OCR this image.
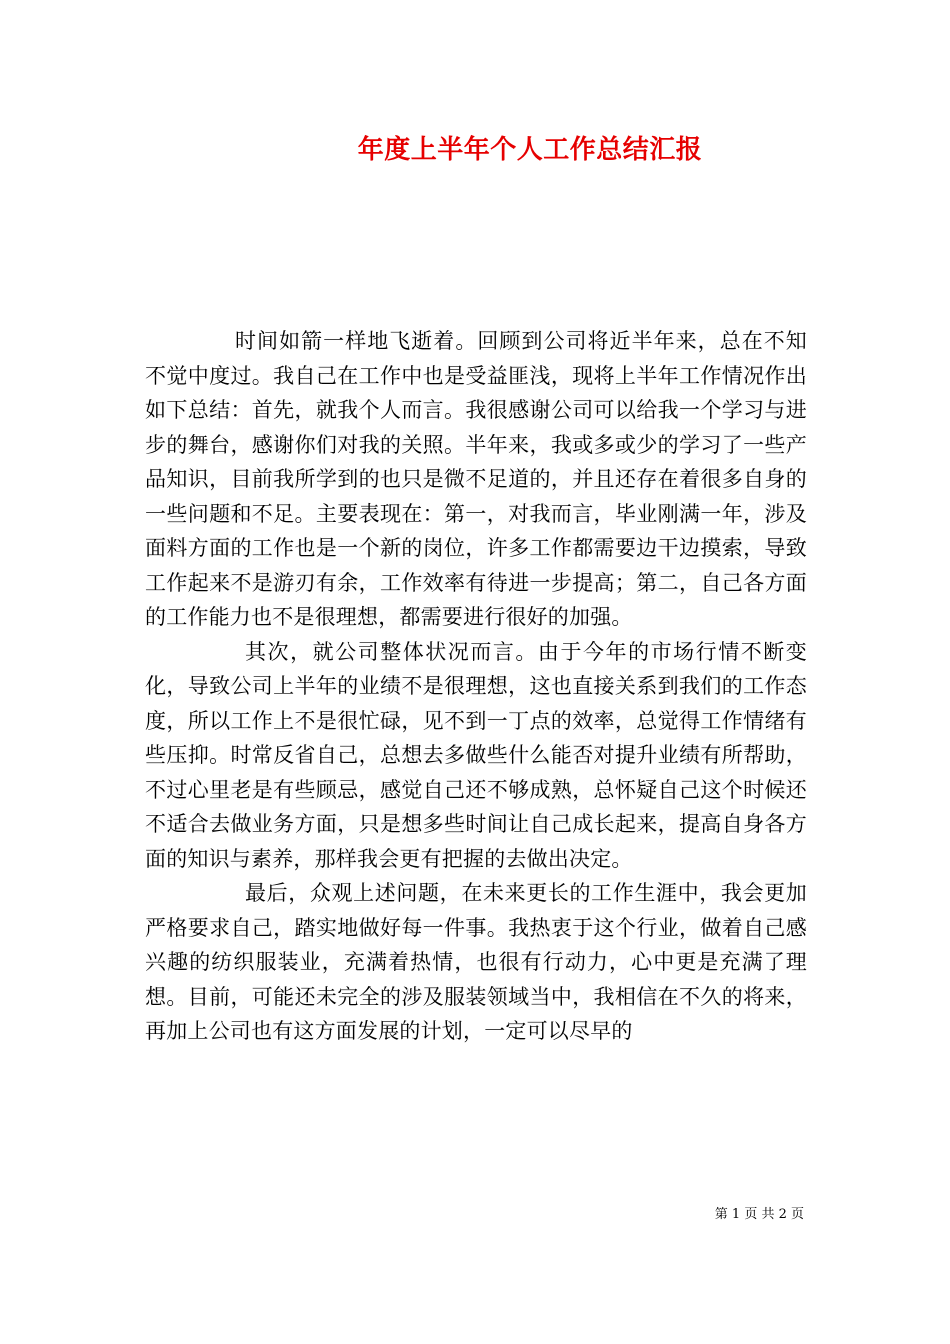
年度上半年个人工作总结汇报

时间如箭一样地飞逝着。回顾到公司将近半年来，总在不知不觉中度过。我自己在工作中也是受益匪浅，现将上半年工作情况作出如下总结：首先，就我个人而言。我很感谢公司可以给我一个学习与进步的舞台，感谢你们对我的关照。半年来，我或多或少的学习了一些产品知识，目前我所学到的也只是微不足道的，并且还存在着很多自身的一些问题和不足。主要表现在：第一，对我而言，毕业刚满一年，涉及面料方面的工作也是一个新的岗位，许多工作都需要边干边摸索，导致工作起来不是游刃有余，工作效率有待进一步提高；第二，自己各方面的工作能力也不是很理想，都需要进行很好的加强。

其次，就公司整体状况而言。由于今年的市场行情不断变化，导致公司上半年的业绩不是很理想，这也直接关系到我们的工作态度，所以工作上不是很忙碌，见不到一丁点的效率，总觉得工作情绪有些压抑。时常反省自己，总想去多做些什么能否对提升业绩有所帮助，不过心里老是有些顾忌，感觉自己还不够成熟，总怀疑自己这个时候还不适合去做业务方面，只是想多些时间让自己成长起来，提高自身各方面的知识与素养，那样我会更有把握的去做出决定。

最后，众观上述问题，在未来更长的工作生涯中，我会更加严格要求自己，踏实地做好每一件事。我热衷于这个行业，做着自己感兴趣的纺织服装业，充满着热情，也很有行动力，心中更是充满了理想。目前，可能还未完全的涉及服装领域当中，我相信在不久的将来，再加上公司也有这方面发展的计划，一定可以尽早的

第 1 页 共 2 页
